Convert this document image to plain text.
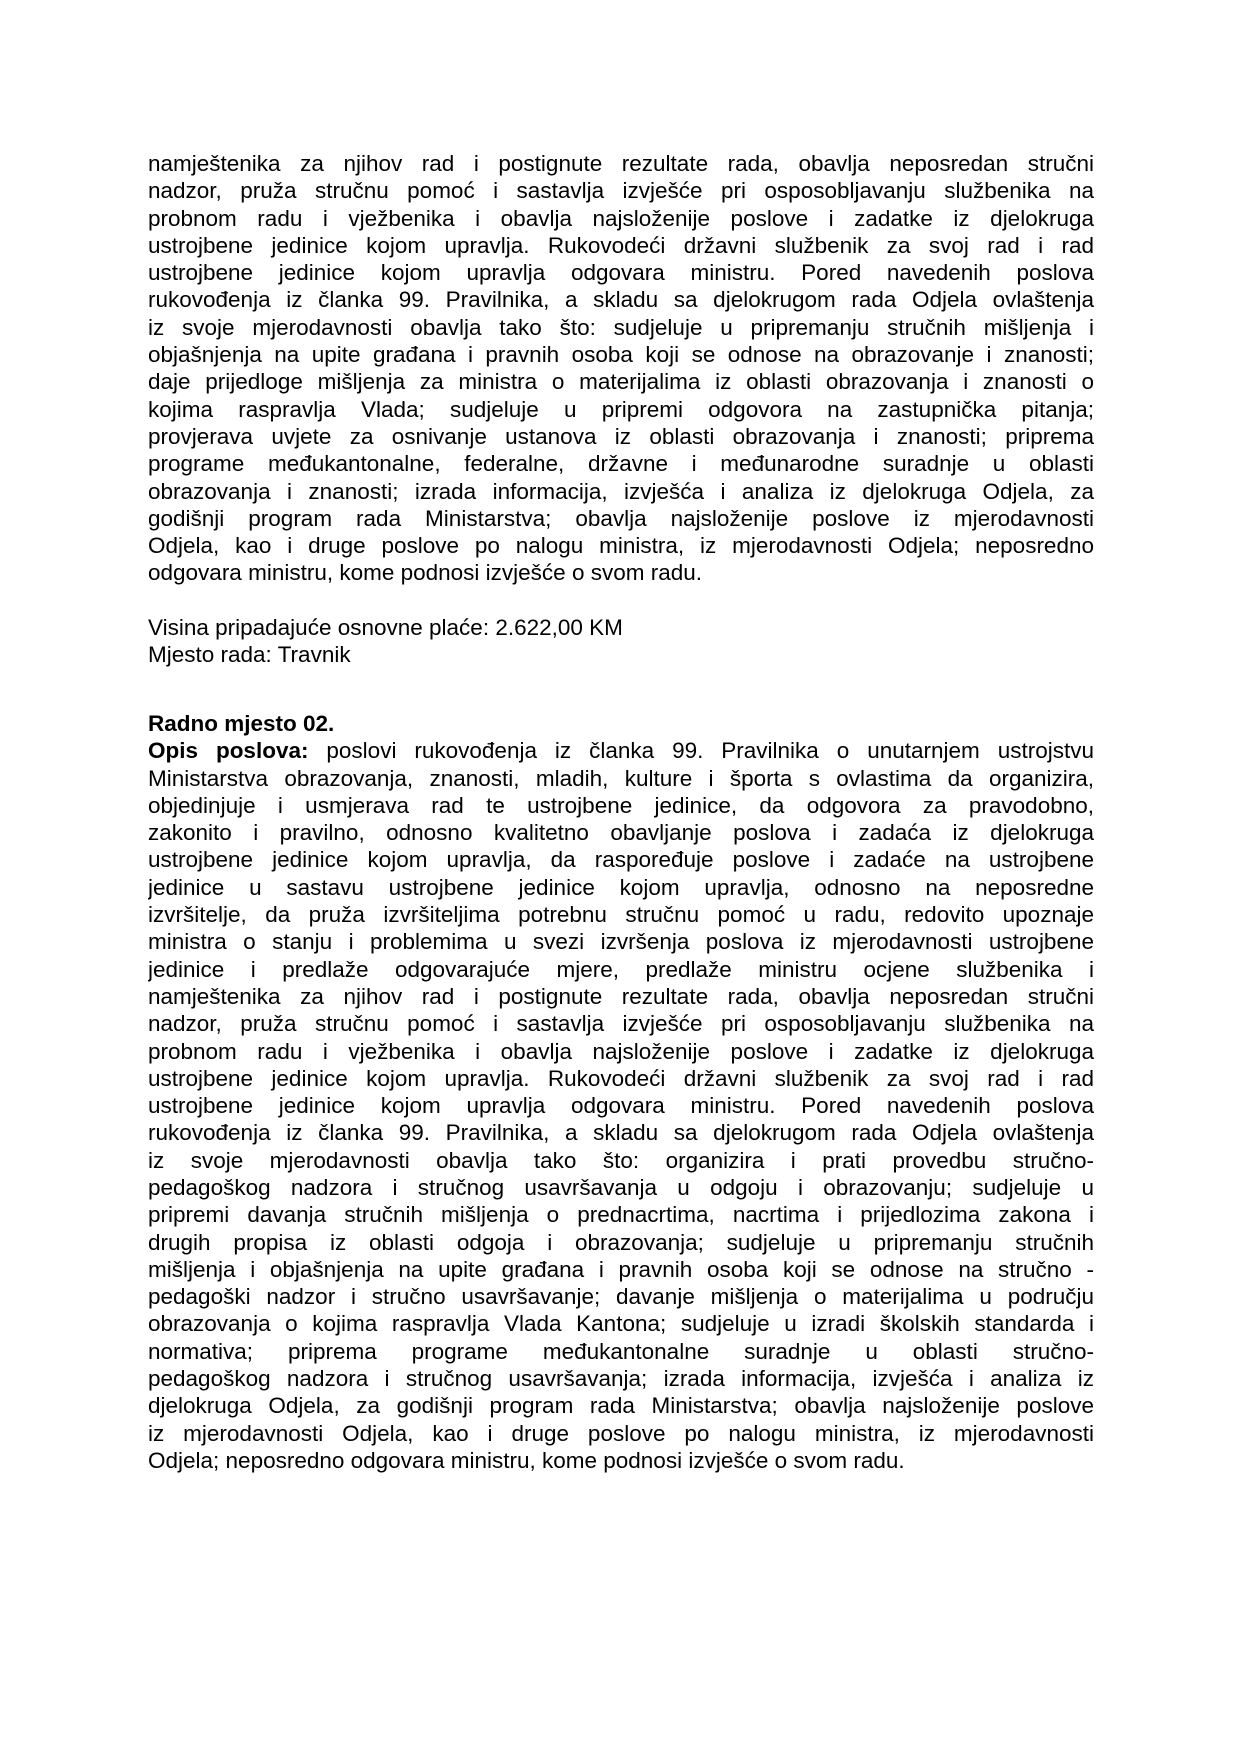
namještenika za njihov rad i postignute rezultate rada, obavlja neposredan stručni
nadzor, pruža stručnu pomoć i sastavlja izvješće pri osposobljavanju službenika na
probnom radu i vježbenika i obavlja najsloženije poslove i zadatke iz djelokruga
ustrojbene jedinice kojom upravlja. Rukovodeći državni službenik za svoj rad i rad
ustrojbene jedinice kojom upravlja odgovara ministru. Pored navedenih poslova
rukovođenja iz članka 99. Pravilnika, a skladu sa djelokrugom rada Odjela ovlaštenja
iz svoje mjerodavnosti obavlja tako što: sudjeluje u pripremanju stručnih mišljenja i
objašnjenja na upite građana i pravnih osoba koji se odnose na obrazovanje i znanosti;
daje prijedloge mišljenja za ministra o materijalima iz oblasti obrazovanja i znanosti o
kojima raspravlja Vlada; sudjeluje u pripremi odgovora na zastupnička pitanja;
provjerava uvjete za osnivanje ustanova iz oblasti obrazovanja i znanosti; priprema
programe međukantonalne, federalne, državne i međunarodne suradnje u oblasti
obrazovanja i znanosti; izrada informacija, izvješća i analiza iz djelokruga Odjela, za
godišnji program rada Ministarstva; obavlja najsloženije poslove iz mjerodavnosti
Odjela, kao i druge poslove po nalogu ministra, iz mjerodavnosti Odjela; neposredno
odgovara ministru, kome podnosi izvješće o svom radu.
Visina pripadajuće osnovne plaće: 2.622,00 KM
Mjesto rada: Travnik
Radno mjesto 02.
Opis poslova: poslovi rukovođenja iz članka 99. Pravilnika o unutarnjem ustrojstvu
Ministarstva obrazovanja, znanosti, mladih, kulture i športa s ovlastima da organizira,
objedinjuje i usmjerava rad te ustrojbene jedinice, da odgovora za pravodobno,
zakonito i pravilno, odnosno kvalitetno obavljanje poslova i zadaća iz djelokruga
ustrojbene jedinice kojom upravlja, da raspoređuje poslove i zadaće na ustrojbene
jedinice u sastavu ustrojbene jedinice kojom upravlja, odnosno na neposredne
izvršitelje, da pruža izvršiteljima potrebnu stručnu pomoć u radu, redovito upoznaje
ministra o stanju i problemima u svezi izvršenja poslova iz mjerodavnosti ustrojbene
jedinice i predlaže odgovarajuće mjere, predlaže ministru ocjene službenika i
namještenika za njihov rad i postignute rezultate rada, obavlja neposredan stručni
nadzor, pruža stručnu pomoć i sastavlja izvješće pri osposobljavanju službenika na
probnom radu i vježbenika i obavlja najsloženije poslove i zadatke iz djelokruga
ustrojbene jedinice kojom upravlja. Rukovodeći državni službenik za svoj rad i rad
ustrojbene jedinice kojom upravlja odgovara ministru. Pored navedenih poslova
rukovođenja iz članka 99. Pravilnika, a skladu sa djelokrugom rada Odjela ovlaštenja
iz svoje mjerodavnosti obavlja tako što: organizira i prati provedbu stručno-
pedagoškog nadzora i stručnog usavršavanja u odgoju i obrazovanju; sudjeluje u
pripremi davanja stručnih mišljenja o prednacrtima, nacrtima i prijedlozima zakona i
drugih propisa iz oblasti odgoja i obrazovanja; sudjeluje u pripremanju stručnih
mišljenja i objašnjenja na upite građana i pravnih osoba koji se odnose na stručno -
pedagoški nadzor i stručno usavršavanje; davanje mišljenja o materijalima u području
obrazovanja o kojima raspravlja Vlada Kantona; sudjeluje u izradi školskih standarda i
normativa; priprema programe međukantonalne suradnje u oblasti stručno-
pedagoškog nadzora i stručnog usavršavanja; izrada informacija, izvješća i analiza iz
djelokruga Odjela, za godišnji program rada Ministarstva; obavlja najsloženije poslove
iz mjerodavnosti Odjela, kao i druge poslove po nalogu ministra, iz mjerodavnosti
Odjela; neposredno odgovara ministru, kome podnosi izvješće o svom radu.
